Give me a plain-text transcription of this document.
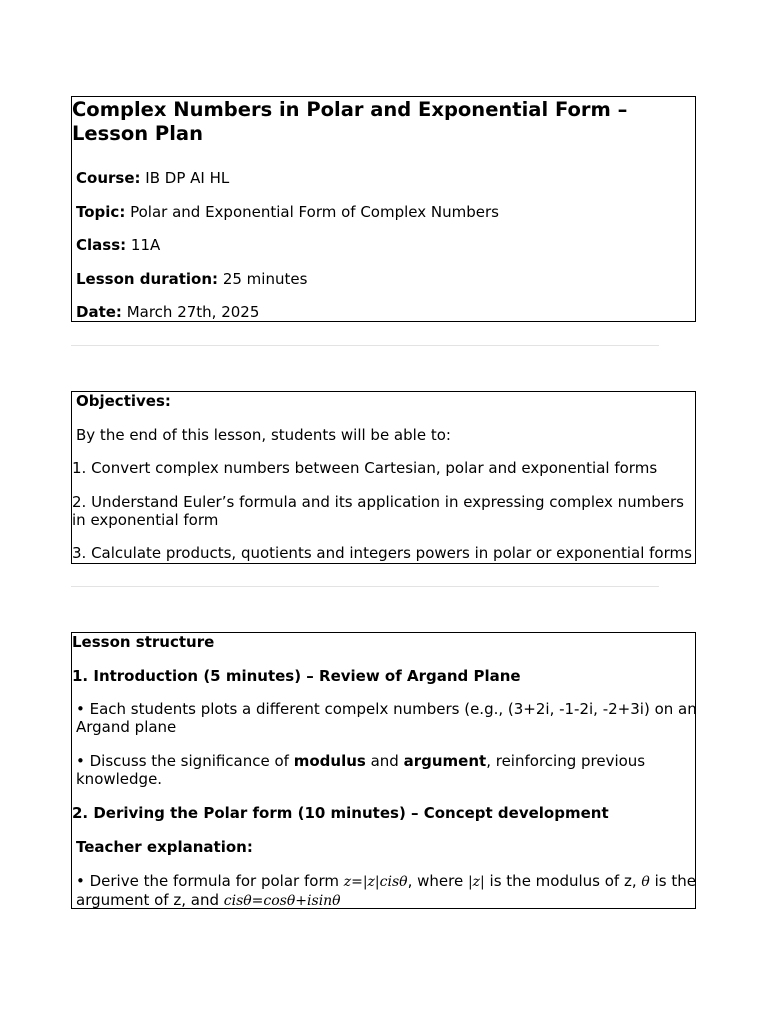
Complex Numbers in Polar and Exponential Form – Lesson Plan
Course: IB DP AI HL
Topic: Polar and Exponential Form of Complex Numbers
Class: 11A
Lesson duration: 25 minutes
Date: March 27th, 2025
Objectives:
By the end of this lesson, students will be able to:
1. Convert complex numbers between Cartesian, polar and exponential forms
2. Understand Euler’s formula and its application in expressing complex numbers in exponential form
3. Calculate products, quotients and integers powers in polar or exponential forms
Lesson structure
1. Introduction (5 minutes) – Review of Argand Plane
• Each students plots a different compelx numbers (e.g., (3+2i, -1-2i, -2+3i) on an Argand plane
• Discuss the significance of modulus and argument, reinforcing previous knowledge.
2. Deriving the Polar form (10 minutes) – Concept development
Teacher explanation:
• Derive the formula for polar form z=|z|cisθ, where |z| is the modulus of z, θ is the argument of z, and cisθ=cosθ+isinθ
